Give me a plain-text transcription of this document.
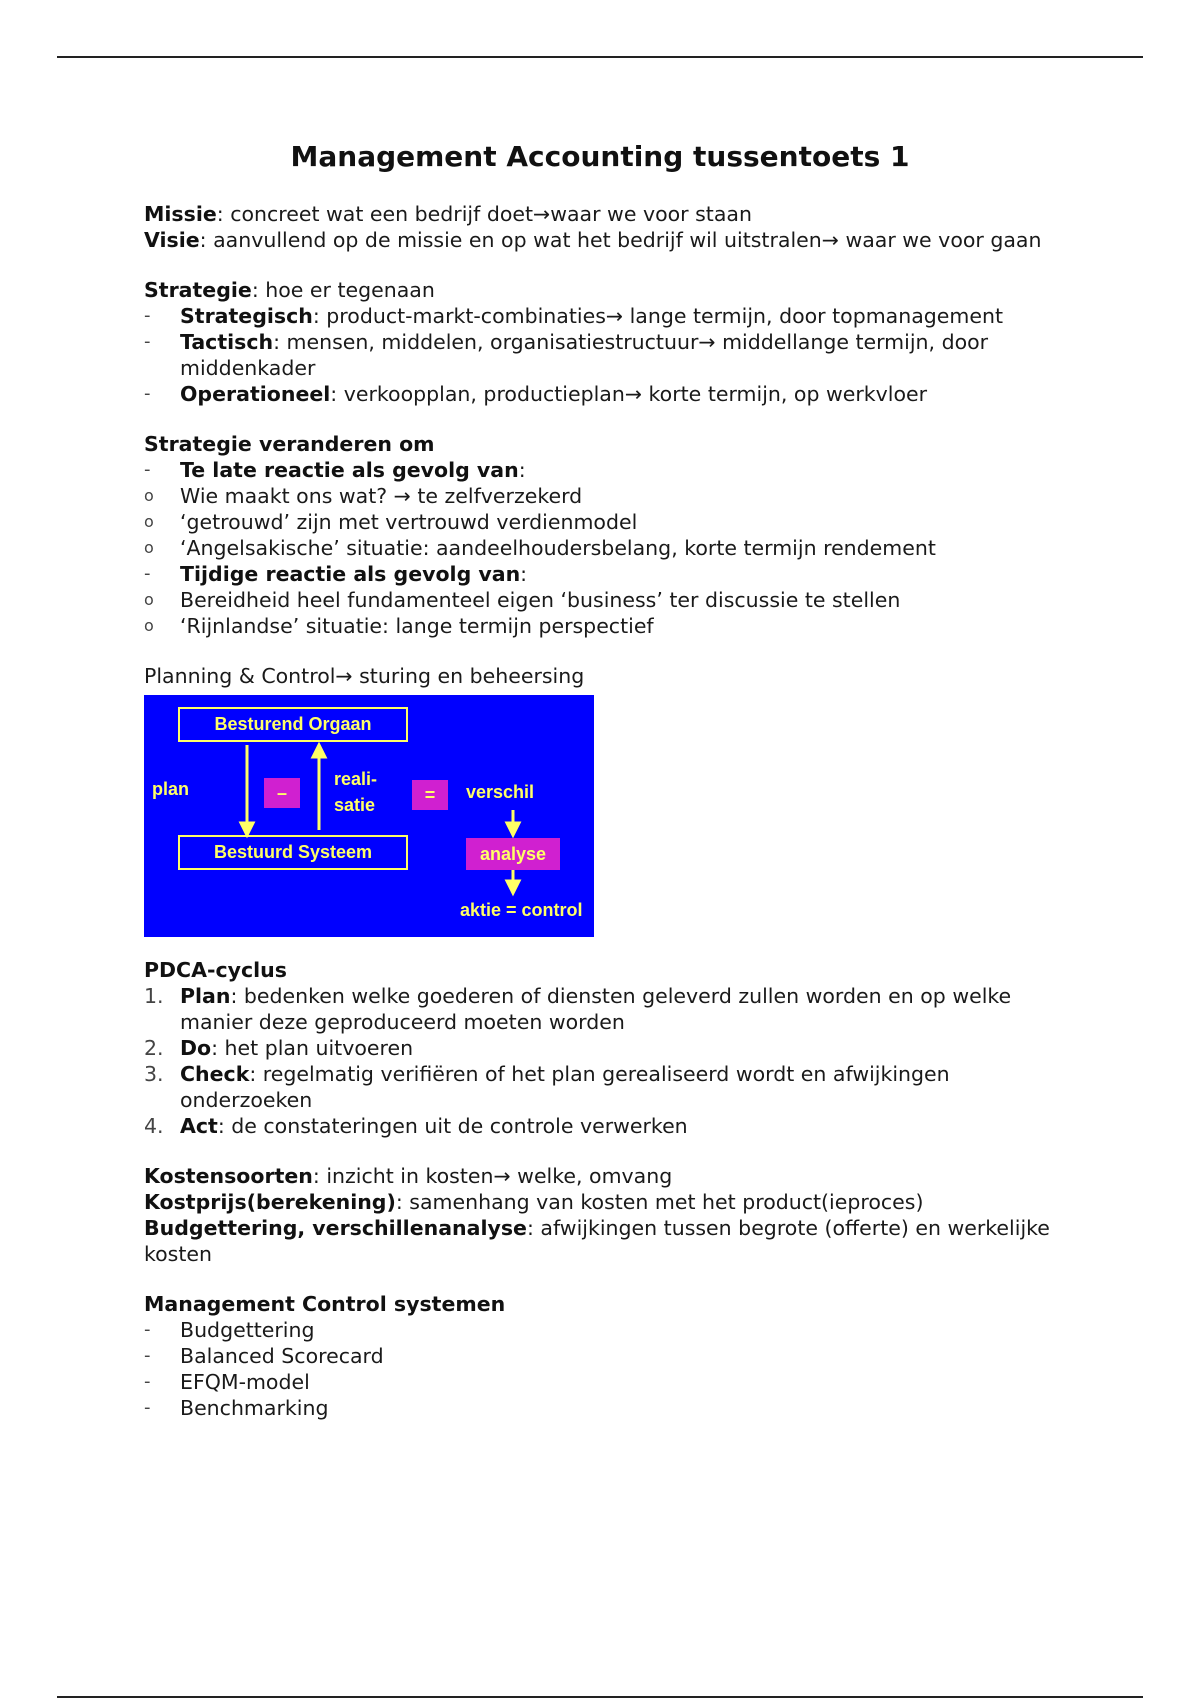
Management Accounting tussentoets 1

Missie: concreet wat een bedrijf doet→waar we voor staan

Visie: aanvullend op de missie en op wat het bedrijf wil uitstralen→ waar we voor gaan

Strategie: hoe er tegenaan

- Strategisch: product-markt-combinaties→ lange termijn, door topmanagement
- Tactisch: mensen, middelen, organisatiestructuur→ middellange termijn, door middenkader
- Operationeel: verkoopplan, productieplan→ korte termijn, op werkvloer

Strategie veranderen om

- Te late reactie als gevolg van:
o Wie maakt ons wat? → te zelfverzekerd
o ‘getrouwd’ zijn met vertrouwd verdienmodel
o ‘Angelsakische’ situatie: aandeelhoudersbelang, korte termijn rendement
- Tijdige reactie als gevolg van:
o Bereidheid heel fundamenteel eigen ‘business’ ter discussie te stellen
o ‘Rijnlandse’ situatie: lange termijn perspectief

Planning & Control→ sturing en beheersing

Besturend Orgaan
Bestuurd Systeem
plan	–
reali-
satie	=	verschil
analyse
aktie = control

PDCA-cyclus

1. Plan: bedenken welke goederen of diensten geleverd zullen worden en op welke manier deze geproduceerd moeten worden
2. Do: het plan uitvoeren
3. Check: regelmatig verifiëren of het plan gerealiseerd wordt en afwijkingen onderzoeken
4. Act: de constateringen uit de controle verwerken

Kostensoorten: inzicht in kosten→ welke, omvang

Kostprijs(berekening): samenhang van kosten met het product(ieproces)

Budgettering, verschillenanalyse: afwijkingen tussen begrote (offerte) en werkelijke kosten

Management Control systemen

- Budgettering
- Balanced Scorecard
- EFQM-model
- Benchmarking
